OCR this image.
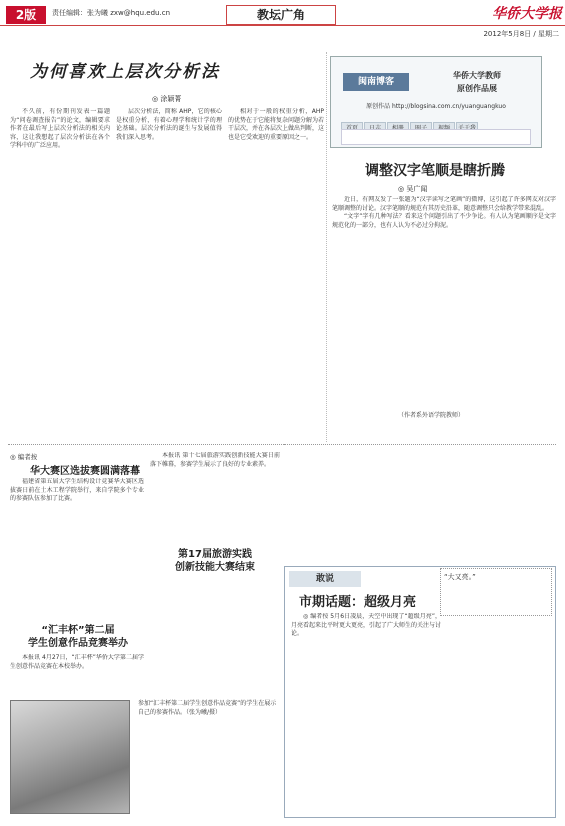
2版	责任编辑：张为曦 zxw@hqu.edu.cn	教坛广角	华侨大学报
2012年5月8日 / 星期二
为何喜欢上层次分析法
◎ 涂颖菁

不久前，有份期刊发表一篇题为“问卷调查报告”的论文，编辑要求作者在最后写上层次分析法的相关内容，这让我想起了层次分析法在各个学科中的广泛应用。

层次分析法，简称 AHP，它的核心是权重分析，有着心理学和统计学的理论基础。层次分析法的诞生与发展值得我们深入思考。

相对于一般的权重分析，AHP 的优势在于它能将复杂问题分解为若干层次，并在各层次上做出判断，这也是它受欢迎的重要原因之一。

闽南博客
华侨大学教师
原创作品展
原创作品 http://blogsina.com.cn/yuanguangkuo
调整汉字笔顺是瞎折腾
◎ 吴广闻

近日，有网友发了一张题为“汉字读写之笔画”的微博，这引起了许多网友对汉字笔顺调整的讨论。汉字笔顺的规范有其历史沿革，随意调整只会给教学带来混乱。

“文字”字有几种写法？看来这个问题引出了不少争论。有人认为笔画顺序是文字规范化的一部分，也有人认为不必过分拘泥。

（作者系外语学院教师）
◎ 编者按
华大赛区选拔赛圆满落幕

福建省第五届大学生结构设计竞赛华大赛区选拔赛日前在土木工程学院举行，来自学院多个专业的参赛队伍参加了比赛。

“汇丰杯”第二届
学生创意作品竞赛举办

本报讯 4月27日，“汇丰杯”华侨大学第二届学生创意作品竞赛在本校举办。

本报讯 第十七届旅游实践创新技能大赛日前落下帷幕，参赛学生展示了良好的专业素养。

第17届旅游实践
创新技能大赛结束
参加“汇丰杯第二届学生创意作品竞赛”的学生在展示自己的参赛作品。（张为曦/摄）
敢说
市期话题：超级月亮

◎ 编者按 5月6日凌晨，天空中出现了“超级月亮”，月亮看起来比平时更大更亮，引起了广大师生的关注与讨论。

“大又亮。”
